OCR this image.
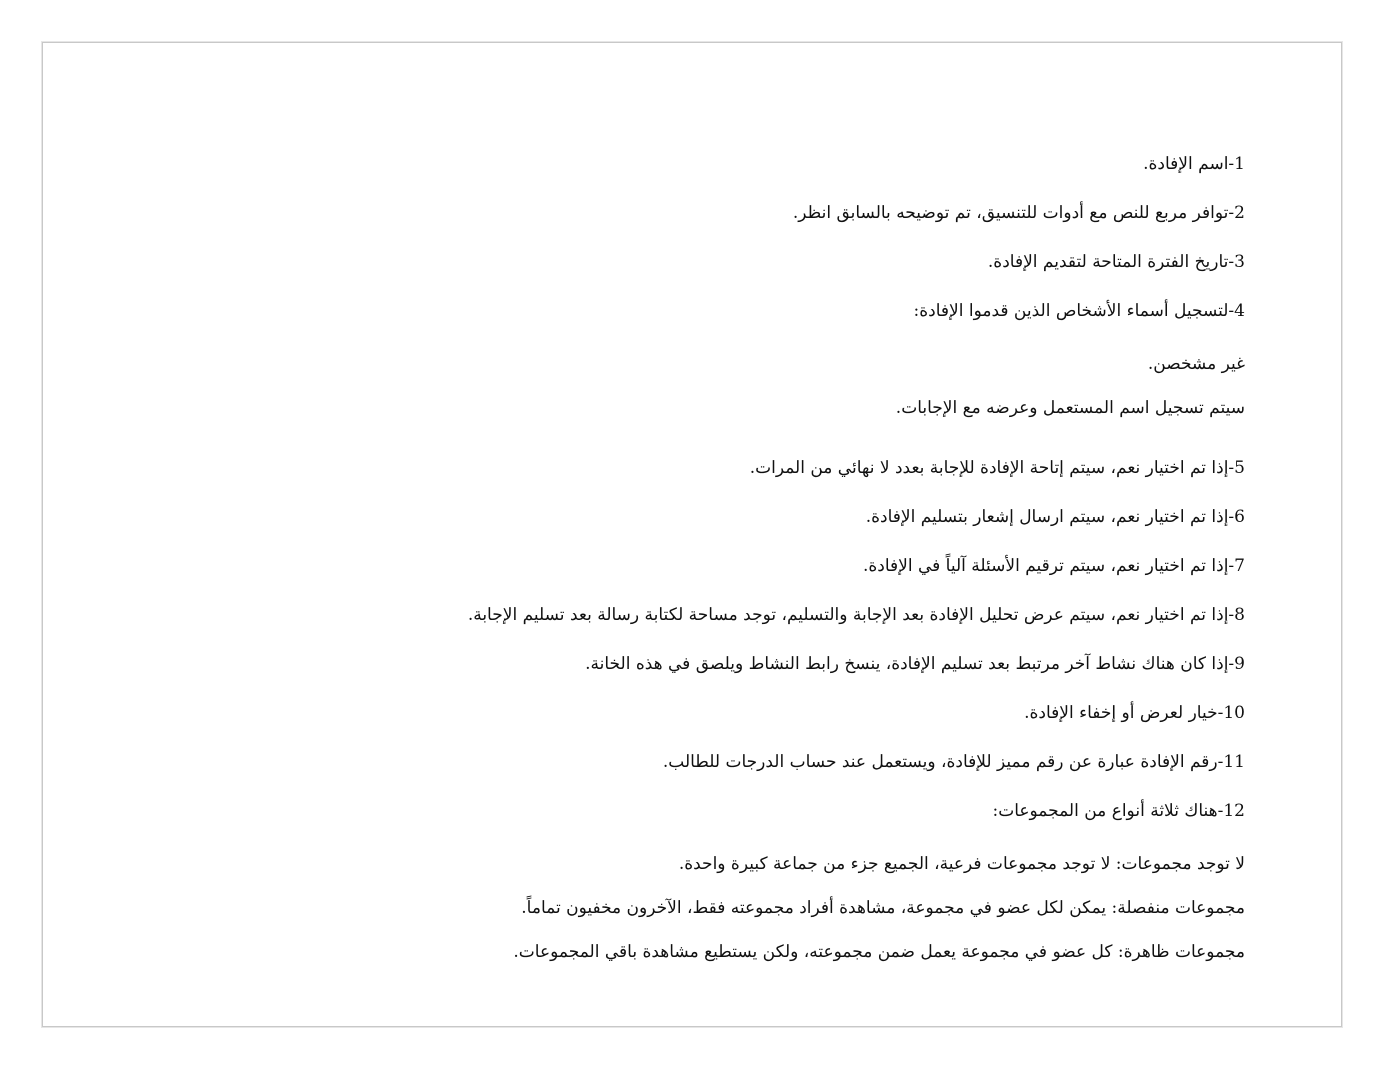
1-اسم الإفادة.

2-توافر مربع للنص مع أدوات للتنسيق، تم توضيحه بالسابق انظر.

3-تاريخ الفترة المتاحة لتقديم الإفادة.

4-لتسجيل أسماء الأشخاص الذين قدموا الإفادة:

غير مشخصن.

سيتم تسجيل اسم المستعمل وعرضه مع الإجابات.

5-إذا تم اختيار نعم، سيتم إتاحة الإفادة للإجابة بعدد لا نهائي من المرات.

6-إذا تم اختيار نعم، سيتم ارسال إشعار بتسليم الإفادة.

7-إذا تم اختيار نعم، سيتم ترقيم الأسئلة آلياً في الإفادة.

8-إذا تم اختيار نعم، سيتم عرض تحليل الإفادة بعد الإجابة والتسليم، توجد مساحة لكتابة رسالة بعد تسليم الإجابة.

9-إذا كان هناك نشاط آخر مرتبط بعد تسليم الإفادة، ينسخ رابط النشاط ويلصق في هذه الخانة.

10-خيار لعرض أو إخفاء الإفادة.

11-رقم الإفادة عبارة عن رقم مميز للإفادة، ويستعمل عند حساب الدرجات للطالب.

12-هناك ثلاثة أنواع من المجموعات:

لا توجد مجموعات: لا توجد مجموعات فرعية، الجميع جزء من جماعة كبيرة واحدة.

مجموعات منفصلة: يمكن لكل عضو في مجموعة، مشاهدة أفراد مجموعته فقط، الآخرون مخفيون تماماً.

مجموعات ظاهرة: كل عضو في مجموعة يعمل ضمن مجموعته، ولكن يستطيع مشاهدة باقي المجموعات.
